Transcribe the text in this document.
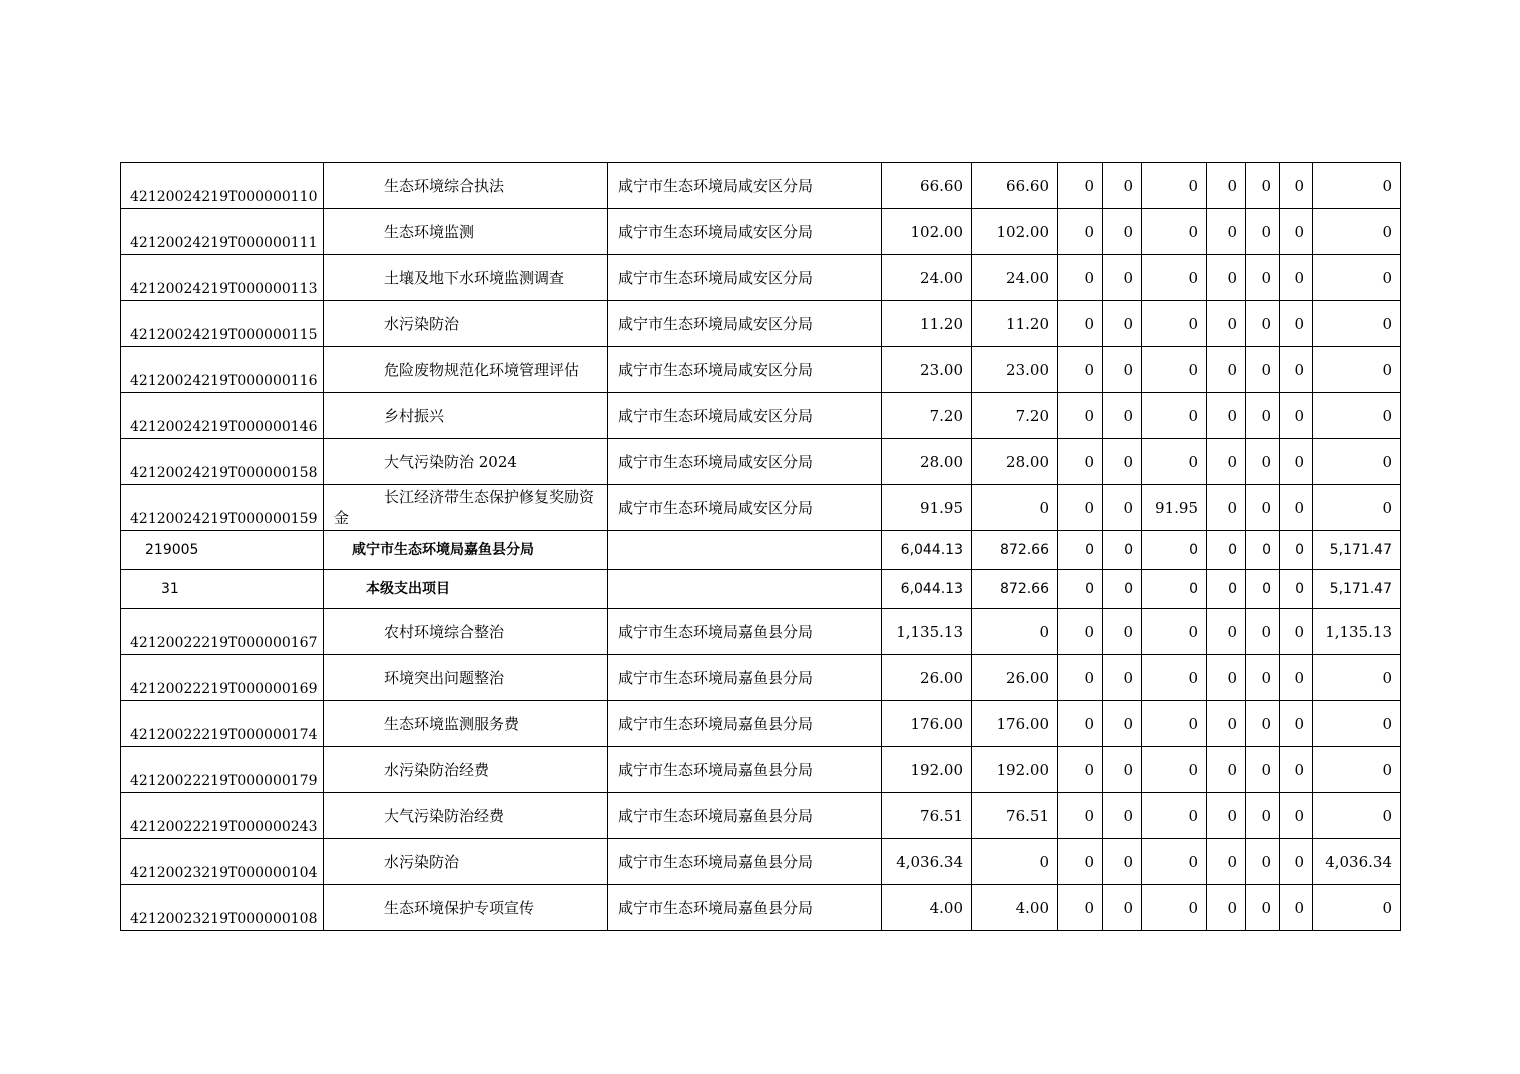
42120024219T000000110	生态环境综合执法	咸宁市生态环境局咸安区分局	66.60	66.60	0	0	0	0	0	0	0
42120024219T000000111	生态环境监测	咸宁市生态环境局咸安区分局	102.00	102.00	0	0	0	0	0	0	0
42120024219T000000113	土壤及地下水环境监测调查	咸宁市生态环境局咸安区分局	24.00	24.00	0	0	0	0	0	0	0
42120024219T000000115	水污染防治	咸宁市生态环境局咸安区分局	11.20	11.20	0	0	0	0	0	0	0
42120024219T000000116	危险废物规范化环境管理评估	咸宁市生态环境局咸安区分局	23.00	23.00	0	0	0	0	0	0	0
42120024219T000000146	乡村振兴	咸宁市生态环境局咸安区分局	7.20	7.20	0	0	0	0	0	0	0
42120024219T000000158	大气污染防治 2024	咸宁市生态环境局咸安区分局	28.00	28.00	0	0	0	0	0	0	0
42120024219T000000159	长江经济带生态保护修复奖励资金	咸宁市生态环境局咸安区分局	91.95	0	0	0	91.95	0	0	0	0
219005	咸宁市生态环境局嘉鱼县分局		6,044.13	872.66	0	0	0	0	0	0	5,171.47
31	本级支出项目		6,044.13	872.66	0	0	0	0	0	0	5,171.47
42120022219T000000167	农村环境综合整治	咸宁市生态环境局嘉鱼县分局	1,135.13	0	0	0	0	0	0	0	1,135.13
42120022219T000000169	环境突出问题整治	咸宁市生态环境局嘉鱼县分局	26.00	26.00	0	0	0	0	0	0	0
42120022219T000000174	生态环境监测服务费	咸宁市生态环境局嘉鱼县分局	176.00	176.00	0	0	0	0	0	0	0
42120022219T000000179	水污染防治经费	咸宁市生态环境局嘉鱼县分局	192.00	192.00	0	0	0	0	0	0	0
42120022219T000000243	大气污染防治经费	咸宁市生态环境局嘉鱼县分局	76.51	76.51	0	0	0	0	0	0	0
42120023219T000000104	水污染防治	咸宁市生态环境局嘉鱼县分局	4,036.34	0	0	0	0	0	0	0	4,036.34
42120023219T000000108	生态环境保护专项宣传	咸宁市生态环境局嘉鱼县分局	4.00	4.00	0	0	0	0	0	0	0
